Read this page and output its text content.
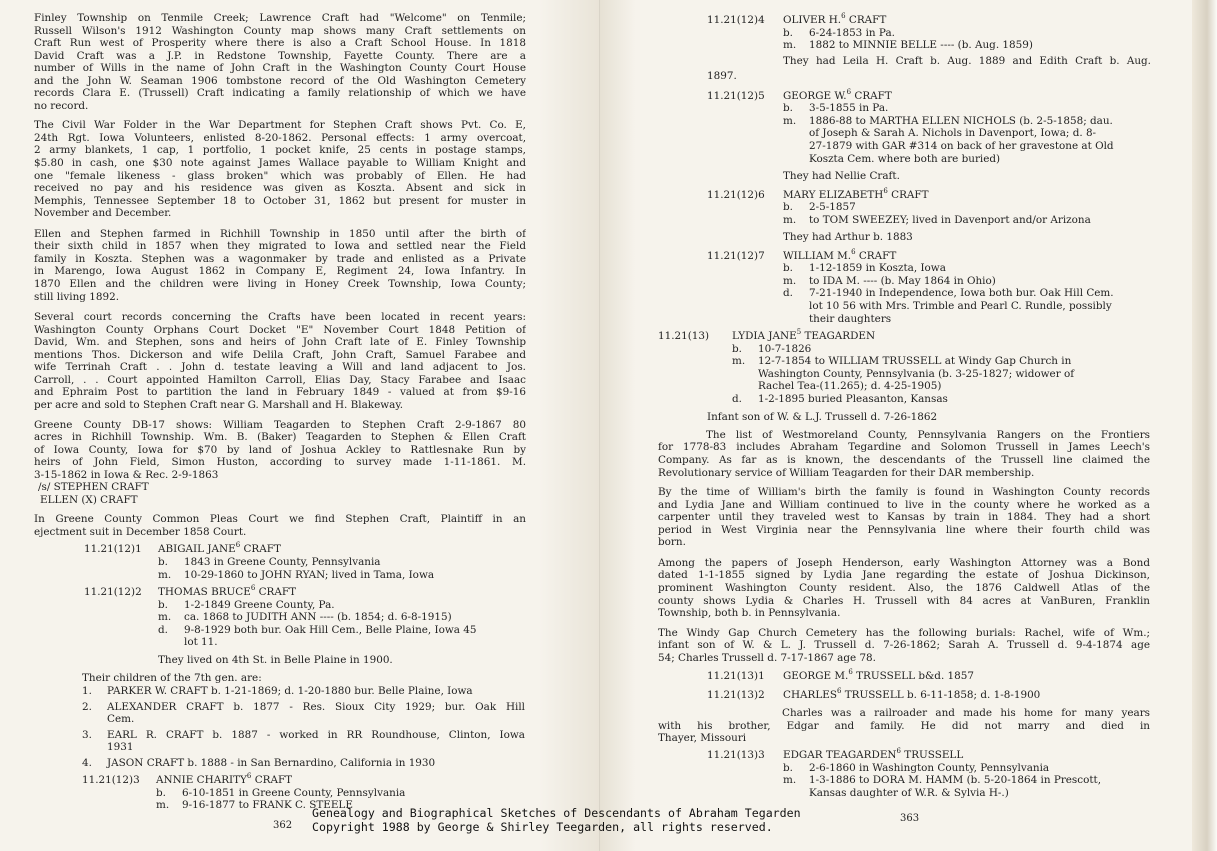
Finley Township on Tenmile Creek; Lawrence Craft had "Welcome" on Tenmile;
Russell Wilson's 1912 Washington County map shows many Craft settlements on
Craft Run west of Prosperity where there is also a Craft School House. In 1818
David Craft was a J.P. in Redstone Township, Fayette County. There are a
number of Wills in the name of John Craft in the Washington County Court House
and the John W. Seaman 1906 tombstone record of the Old Washington Cemetery
records Clara E. (Trussell) Craft indicating a family relationship of which we have
no record.
The Civil War Folder in the War Department for Stephen Craft shows Pvt. Co. E,
24th Rgt. Iowa Volunteers, enlisted 8-20-1862. Personal effects: 1 army overcoat,
2 army blankets, 1 cap, 1 portfolio, 1 pocket knife, 25 cents in postage stamps,
$5.80 in cash, one $30 note against James Wallace payable to William Knight and
one "female likeness - glass broken" which was probably of Ellen. He had
received no pay and his residence was given as Koszta. Absent and sick in
Memphis, Tennessee September 18 to October 31, 1862 but present for muster in
November and December.
Ellen and Stephen farmed in Richhill Township in 1850 until after the birth of
their sixth child in 1857 when they migrated to Iowa and settled near the Field
family in Koszta. Stephen was a wagonmaker by trade and enlisted as a Private
in Marengo, Iowa August 1862 in Company E, Regiment 24, Iowa Infantry. In
1870 Ellen and the children were living in Honey Creek Township, Iowa County;
still living 1892.
Several court records concerning the Crafts have been located in recent years:
Washington County Orphans Court Docket "E" November Court 1848 Petition of
David, Wm. and Stephen, sons and heirs of John Craft late of E. Finley Township
mentions Thos. Dickerson and wife Delila Craft, John Craft, Samuel Farabee and
wife Terrinah Craft . . John d. testate leaving a Will and land adjacent to Jos.
Carroll, . . Court appointed Hamilton Carroll, Elias Day, Stacy Farabee and Isaac
and Ephraim Post to partition the land in February 1849 - valued at from $9-16
per acre and sold to Stephen Craft near G. Marshall and H. Blakeway.
Greene County DB-17 shows: William Teagarden to Stephen Craft 2-9-1867 80
acres in Richhill Township. Wm. B. (Baker) Teagarden to Stephen & Ellen Craft
of Iowa County, Iowa for $70 by land of Joshua Ackley to Rattlesnake Run by
heirs of John Field, Simon Huston, according to survey made 1-11-1861. M.
3-15-1862 in Iowa & Rec. 2-9-1863
/s/ STEPHEN CRAFT
ELLEN (X) CRAFT
In Greene County Common Pleas Court we find Stephen Craft, Plaintiff in an
ejectment suit in December 1858 Court.
11.21(12)1 ABIGAIL JANE$^6$ CRAFT
b. 1843 in Greene County, Pennsylvania
m. 10-29-1860 to JOHN RYAN; lived in Tama, Iowa
11.21(12)2 THOMAS BRUCE$^6$ CRAFT
b. 1-2-1849 Greene County, Pa.
m. ca. 1868 to JUDITH ANN ---- (b. 1854; d. 6-8-1915)
d. 9-8-1929 both bur. Oak Hill Cem., Belle Plaine, Iowa 45
lot 11.
They lived on 4th St. in Belle Plaine in 1900.
Their children of the 7th gen. are:
1. PARKER W. CRAFT b. 1-21-1869; d. 1-20-1880 bur. Belle Plaine, Iowa
2. ALEXANDER CRAFT b. 1877 - Res. Sioux City 1929; bur. Oak Hill
Cem.
3. EARL R. CRAFT b. 1887 - worked in RR Roundhouse, Clinton, Iowa
1931
4. JASON CRAFT b. 1888 - in San Bernardino, California in 1930
11.21(12)3 ANNIE CHARITY$^6$ CRAFT
b. 6-10-1851 in Greene County, Pennsylvania
m. 9-16-1877 to FRANK C. STEELE
362
11.21(12)4 OLIVER H.$^6$ CRAFT
b. 6-24-1853 in Pa.
m. 1882 to MINNIE BELLE ---- (b. Aug. 1859)
They had Leila H. Craft b. Aug. 1889 and Edith Craft b. Aug.
1897.
11.21(12)5 GEORGE W.$^6$ CRAFT
b. 3-5-1855 in Pa.
m. 1886-88 to MARTHA ELLEN NICHOLS (b. 2-5-1858; dau.
of Joseph & Sarah A. Nichols in Davenport, Iowa; d. 8-
27-1879 with GAR #314 on back of her gravestone at Old
Koszta Cem. where both are buried)
They had Nellie Craft.
11.21(12)6 MARY ELIZABETH$^6$ CRAFT
b. 2-5-1857
m. to TOM SWEEZEY; lived in Davenport and/or Arizona
They had Arthur b. 1883
11.21(12)7 WILLIAM M.$^6$ CRAFT
b. 1-12-1859 in Koszta, Iowa
m. to IDA M. ---- (b. May 1864 in Ohio)
d. 7-21-1940 in Independence, Iowa both bur. Oak Hill Cem.
lot 10 56 with Mrs. Trimble and Pearl C. Rundle, possibly
their daughters
11.21(13) LYDIA JANE$^5$ TEAGARDEN
b. 10-7-1826
m. 12-7-1854 to WILLIAM TRUSSELL at Windy Gap Church in
Washington County, Pennsylvania (b. 3-25-1827; widower of
Rachel Tea-(11.265); d. 4-25-1905)
d. 1-2-1895 buried Pleasanton, Kansas
Infant son of W. & L.J. Trussell d. 7-26-1862
The list of Westmoreland County, Pennsylvania Rangers on the Frontiers
for 1778-83 includes Abraham Tegardine and Solomon Trussell in James Leech's
Company. As far as is known, the descendants of the Trussell line claimed the
Revolutionary service of William Teagarden for their DAR membership.
By the time of William's birth the family is found in Washington County records
and Lydia Jane and William continued to live in the county where he worked as a
carpenter until they traveled west to Kansas by train in 1884. They had a short
period in West Virginia near the Pennsylvania line where their fourth child was
born.
Among the papers of Joseph Henderson, early Washington Attorney was a Bond
dated 1-1-1855 signed by Lydia Jane regarding the estate of Joshua Dickinson,
prominent Washington County resident. Also, the 1876 Caldwell Atlas of the
county shows Lydia & Charles H. Trussell with 84 acres at VanBuren, Franklin
Township, both b. in Pennsylvania.
The Windy Gap Church Cemetery has the following burials: Rachel, wife of Wm.;
infant son of W. & L. J. Trussell d. 7-26-1862; Sarah A. Trussell d. 9-4-1874 age
54; Charles Trussell d. 7-17-1867 age 78.
11.21(13)1 GEORGE M.$^6$ TRUSSELL b&d. 1857
11.21(13)2 CHARLES$^6$ TRUSSELL b. 6-11-1858; d. 1-8-1900
Charles was a railroader and made his home for many years
with his brother, Edgar and family. He did not marry and died in
Thayer, Missouri
11.21(13)3 EDGAR TEAGARDEN$^6$ TRUSSELL
b. 2-6-1860 in Washington County, Pennsylvania
m. 1-3-1886 to DORA M. HAMM (b. 5-20-1864 in Prescott,
Kansas daughter of W.R. & Sylvia H-.)
363
Genealogy and Biographical Sketches of Descendants of Abraham Tegarden
Copyright 1988 by George & Shirley Teegarden, all rights reserved.
